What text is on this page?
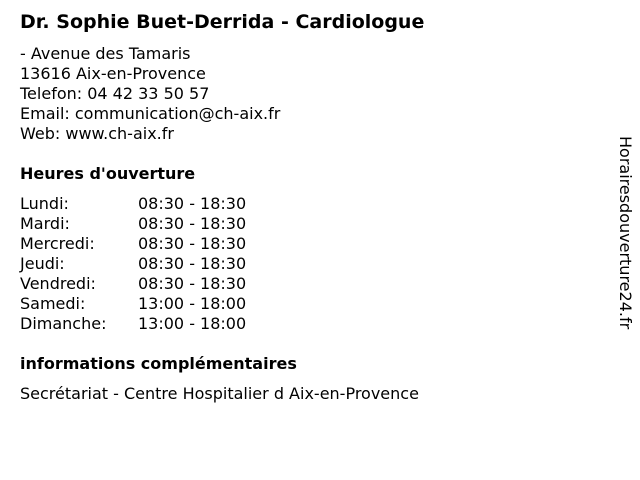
Dr. Sophie Buet-Derrida - Cardiologue
- Avenue des Tamaris
13616 Aix-en-Provence
Telefon: 04 42 33 50 57
Email: communication@ch-aix.fr
Web: www.ch-aix.fr
Heures d'ouverture
Lundi:	08:30 - 18:30
Mardi:	08:30 - 18:30
Mercredi:	08:30 - 18:30
Jeudi:	08:30 - 18:30
Vendredi:	08:30 - 18:30
Samedi:	13:00 - 18:00
Dimanche:	13:00 - 18:00
informations complémentaires
Secrétariat - Centre Hospitalier d Aix-en-Provence
Horairesdouverture24.fr
